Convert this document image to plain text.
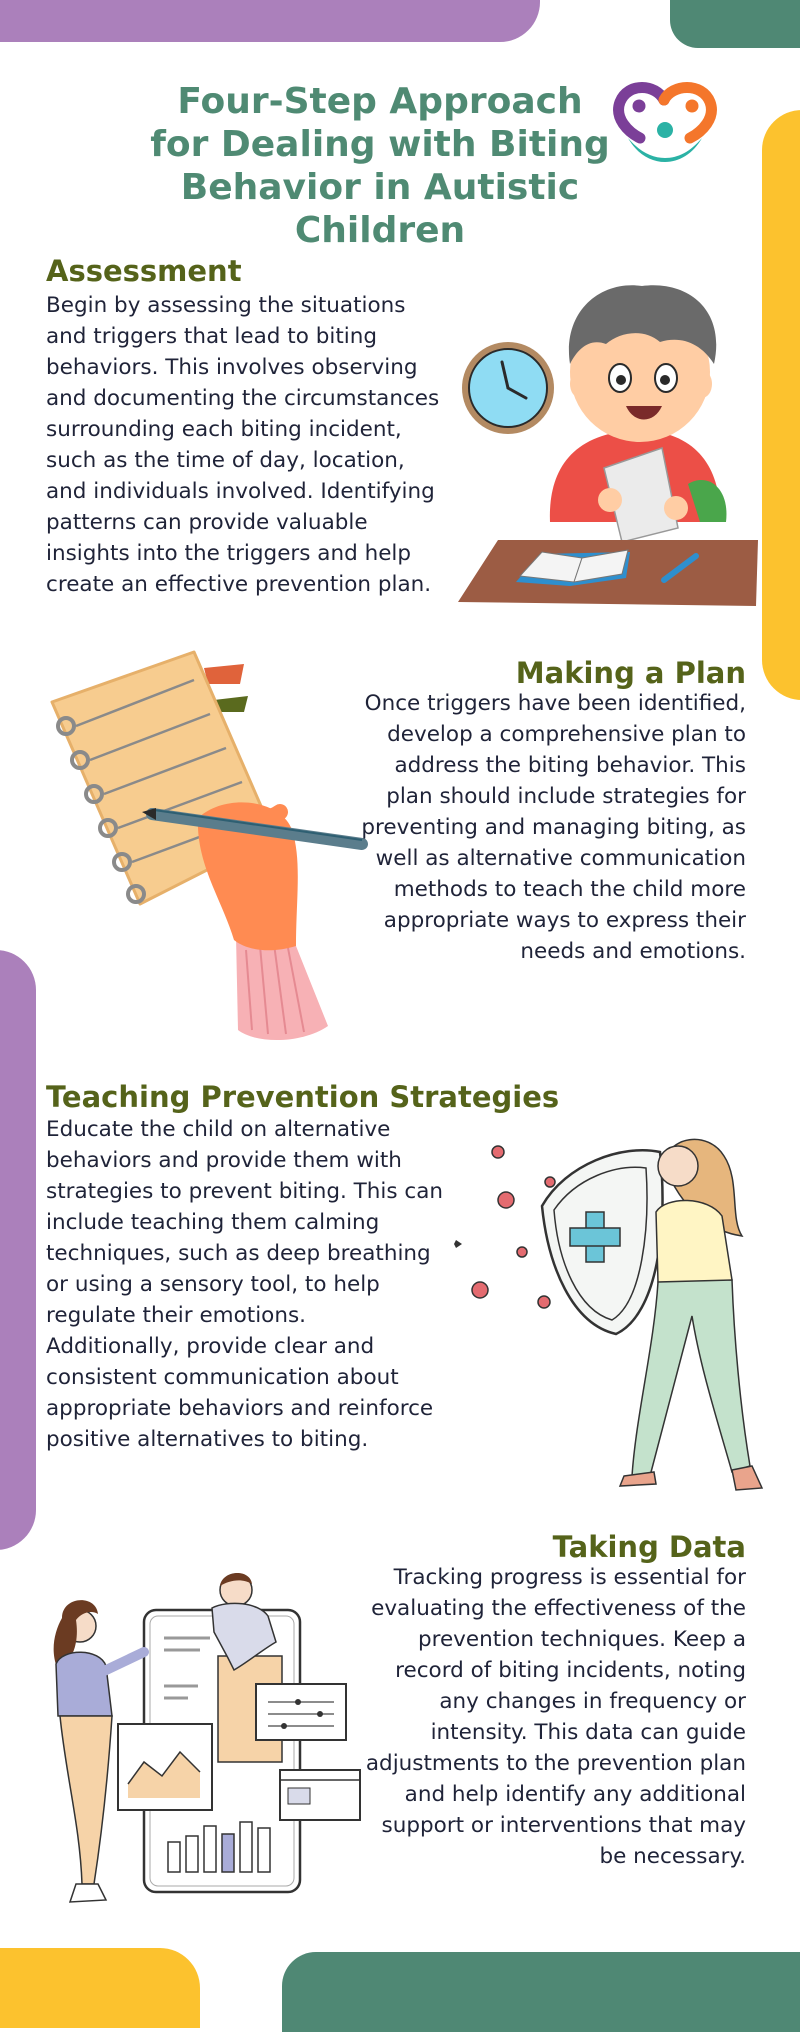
Four-Step Approach
for Dealing with Biting
Behavior in Autistic Children
Assessment

Begin by assessing the situations and triggers that lead to biting behaviors. This involves observing and documenting the circumstances surrounding each biting incident, such as the time of day, location, and individuals involved. Identifying patterns can provide valuable insights into the triggers and help create an effective prevention plan.

Making a Plan

Once triggers have been identified, develop a comprehensive plan to address the biting behavior. This plan should include strategies for preventing and managing biting, as well as alternative communication methods to teach the child more appropriate ways to express their needs and emotions.

Teaching Prevention Strategies

Educate the child on alternative behaviors and provide them with strategies to prevent biting. This can include teaching them calming techniques, such as deep breathing or using a sensory tool, to help regulate their emotions. Additionally, provide clear and consistent communication about appropriate behaviors and reinforce positive alternatives to biting.

Taking Data

Tracking progress is essential for evaluating the effectiveness of the prevention techniques. Keep a record of biting incidents, noting any changes in frequency or intensity. This data can guide adjustments to the prevention plan and help identify any additional support or interventions that may be necessary.
